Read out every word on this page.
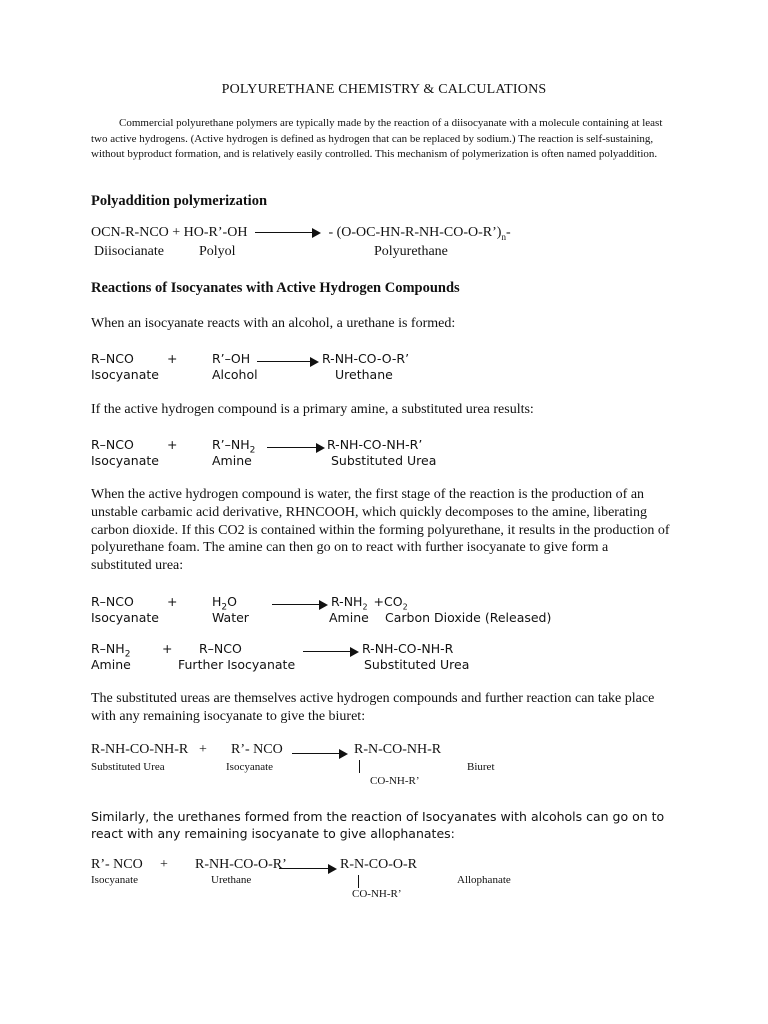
POLYURETHANE CHEMISTRY & CALCULATIONS
Commercial polyurethane polymers are typically made by the reaction of a diisocyanate with a molecule containing at least two active hydrogens. (Active hydrogen is defined as hydrogen that can be replaced by sodium.) The reaction is self-sustaining, without byproduct formation, and is relatively easily controlled. This mechanism of polymerization is often named polyaddition.
Polyaddition polymerization
OCN-R-NCO + HO-R’-OH	- $(O-OC-HN-R-NH-CO-O-R’)_n-$
Diisocianate	Polyol	Polyurethane
Reactions of Isocyanates with Active Hydrogen Compounds
When an isocyanate reacts with an alcohol, a urethane is formed:
R–NCO	+	R’–OH	R-NH-CO-O-R’
Isocyanate	Alcohol	Urethane
If the active hydrogen compound is a primary amine, a substituted urea results:
R–NCO	+	$R’-NH_2$	R-NH-CO-NH-R’
Isocyanate	Amine	Substituted Urea
When the active hydrogen compound is water, the first stage of the reaction is the production of an unstable carbamic acid derivative, RHNCOOH, which quickly decomposes to the amine, liberating carbon dioxide. If this CO2 is contained within the forming polyurethane, it results in the production of polyurethane foam. The amine can then go on to react with further isocyanate to give form a substituted urea:
R–NCO	+	$H_2O$	$R-NH_2 +CO_2$
Isocyanate	Water	Amine Carbon Dioxide (Released)
$R-NH_2$	+ R–NCO	R-NH-CO-NH-R
Amine	Further Isocyanate	Substituted Urea
The substituted ureas are themselves active hydrogen compounds and further reaction can take place with any remaining isocyanate to give the biuret:
R-NH-CO-NH-R + R’- NCO	R-N-CO-NH-R
Substituted Urea	Isocyanate	Biuret
CO-NH-R’
Similarly, the urethanes formed from the reaction of Isocyanates with alcohols can go on to react with any remaining isocyanate to give allophanates:
R’- NCO + R-NH-CO-O-R’	R-N-CO-O-R
Isocyanate	Urethane	Allophanate
CO-NH-R’
